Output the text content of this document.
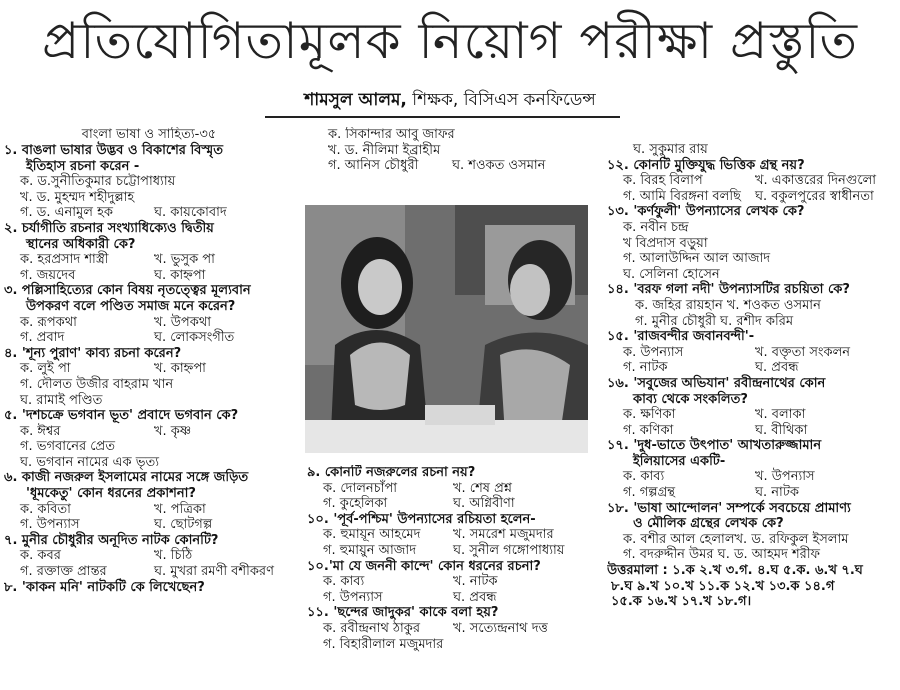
প্রতিযোগিতামূলক নিয়োগ পরীক্ষা প্রস্তুতি
শামসুল আলম, শিক্ষক, বিসিএস কনফিডেন্স
বাংলা ভাষা ও সাহিত্য-৩৫
১. বাঙলা ভাষার উদ্ভব ও বিকাশের বিস্মৃত
ইতিহাস রচনা করেন -
ক. ড.সুনীতিকুমার চট্টোপাধ্যায়
খ. ড. মুহম্মদ শহীদুল্লাহ
গ. ড. এনামুল হক	ঘ. কায়কোবাদ
২. চর্যাগীতি রচনার সংখ্যাধিক্যেও দ্বিতীয়
স্থানের অধিকারী কে?
ক. হরপ্রসাদ শাস্ত্রী	খ. ভুসুক পা
গ. জয়দেব	ঘ. কাহ্নপা
৩. পল্লিসাহিত্যের কোন বিষয় নৃতত্ত্বের মূল্যবান
উপকরণ বলে পণ্ডিত সমাজ মনে করেন?
ক. রূপকথা	খ. উপকথা
গ. প্রবাদ	ঘ. লোকসংগীত
৪. 'শূন্য পুরাণ' কাব্য রচনা করেন?
ক. লুই পা	খ. কাহ্নপা
গ. দৌলত উজীর বাহরাম খান
ঘ. রামাই পণ্ডিত
৫. 'দশচক্রে ভগবান ভূত' প্রবাদে ভগবান কে?
ক. ঈশ্বর	খ. কৃষ্ণ
গ. ভগবানের প্রেত
ঘ. ভগবান নামের এক ভৃত্য
৬. কাজী নজরুল ইসলামের নামের সঙ্গে জড়িত
'ধূমকেতু' কোন ধরনের প্রকাশনা?
ক. কবিতা	খ. পত্রিকা
গ. উপন্যাস	ঘ. ছোটগল্প
৭. মুনীর চৌধুরীর অনূদিত নাটক কোনটি?
ক. কবর	খ. চিঠি
গ. রক্তাক্ত প্রান্তর	ঘ. মুখরা রমণী বশীকরণ
৮. 'কাকন মনি' নাটকটি কে লিখেছেন?
ক. সিকান্দার আবু জাফর
খ. ড. নীলিমা ইব্রাহীম
গ. আনিস চৌধুরী	ঘ. শওকত ওসমান
৯. কোনটি নজরুলের রচনা নয়?
ক. দোলনচাঁপা	খ. শেষ প্রশ্ন
গ. কুহেলিকা	ঘ. অগ্নিবীণা
১০. 'পূর্ব-পশ্চিম' উপন্যাসের রচিয়তা হলেন-
ক. হুমায়ূন আহমেদ	খ. সমরেশ মজুমদার
গ. হুমায়ুন আজাদ	ঘ. সুনীল গঙ্গোপাধ্যায়
১০.'মা যে জননী কান্দে' কোন ধরনের রচনা?
ক. কাব্য	খ. নাটক
গ. উপন্যাস	ঘ. প্রবন্ধ
১১. 'ছন্দের জাদুকর' কাকে বলা হয়?
ক. রবীন্দ্রনাথ ঠাকুর	খ. সত্যেন্দ্রনাথ দত্ত
গ. বিহারীলাল মজুমদার
ঘ. সুকুমার রায়
১২. কোনটি মুক্তিযুদ্ধ ভিত্তিক গ্রন্থ নয়?
ক. বিরহ বিলাপ	খ. একাত্তরের দিনগুলো
গ. আমি বিরঙ্গনা বলছি ঘ. বকুলপুরের স্বাধীনতা
১৩. 'কর্ণফুলী' উপন্যাসের লেখক কে?
ক. নবীন চন্দ্র
খ বিপ্রদাস বড়ুয়া
গ. আলাউদ্দিন আল আজাদ
ঘ. সেলিনা হোসেন
১৪. 'বরফ গলা নদী' উপন্যাসটির রচয়িতা কে?
ক. জহির রায়হান খ. শওকত ওসমান
গ. মুনীর চৌধুরী ঘ. রশীদ করিম
১৫. 'রাজবন্দীর জবানবন্দী'-
ক. উপন্যাস	খ. বক্তৃতা সংকলন
গ. নাটক	ঘ. প্রবন্ধ
১৬. 'সবুজের অভিযান' রবীন্দ্রনাথের কোন
কাব্য থেকে সংকলিত?
ক. ক্ষণিকা	খ. বলাকা
গ. কণিকা	ঘ. বীথিকা
১৭. 'দুধ-ভাতে উৎপাত' আখতারুজ্জামান
ইলিয়াসের একটি-
ক. কাব্য	খ. উপন্যাস
গ. গল্পগ্রন্থ	ঘ. নাটক
১৮. 'ভাষা আন্দোলন' সম্পর্কে সবচেয়ে প্রামাণ্য
ও মৌলিক গ্রন্থের লেখক কে?
ক. বশীর আল হেলালখ. ড. রফিকুল ইসলাম
গ. বদরুদ্দীন উমর ঘ. ড. আহমদ শরীফ
উত্তরমালা : ১.ক ২.খ ৩.গ. ৪.ঘ ৫.ক. ৬.খ ৭.ঘ
৮.ঘ ৯.খ ১০.খ ১১.ক ১২.খ ১৩.ক ১৪.গ
১৫.ক ১৬.খ ১৭.খ ১৮.গ।
